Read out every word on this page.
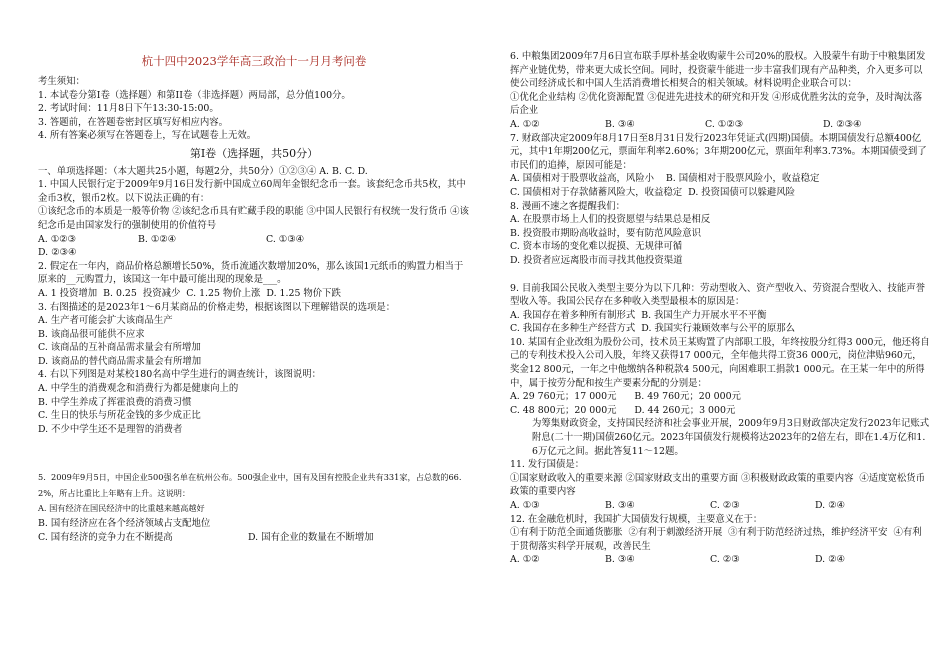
杭十四中2023学年高三政治十一月月考问卷

考生须知：

1. 本试卷分第Ⅰ卷（选择题）和第II卷（非选择题）两局部，总分值100分。

2. 考试时间：11月8日下午13:30-15:00。

3. 答题前，在答题卷密封区填写好相应内容。

4. 所有答案必须写在答题卷上，写在试题卷上无效。

第Ⅰ卷（选择题，共50分）

一、单项选择题：（本大题共25小题，每题2分，共50分）①②③④ A. B. C. D.

1. 中国人民银行定于2009年9月16日发行新中国成立60周年金银纪念币一套。该套纪念币共5枚，其中金币3枚，银币2枚。以下说法正确的有：

①该纪念币的本质是一般等价物 ②该纪念币具有贮藏手段的职能 ③中国人民银行有权统一发行货币 ④该纪念币是由国家发行的强制使用的价值符号

A. ①②③	B. ①②④	C. ①③④

D. ②③④

2. 假定在一年内，商品价格总额增长50%，货币流通次数增加20%，那么该国1元纸币的购置力相当于原来的__元购置力，该国这一年中最可能出现的现象是___。

A. 1 投资增加  B. 0.25  投资减少  C. 1.25 物价上涨  D. 1.25 物价下跌

3. 右图描述的是2023年1～6月某商品的价格走势，根据该图以下理解错误的选项是：

A. 生产者可能会扩大该商品生产

B. 该商品很可能供不应求

C. 该商品的互补商品需求量会有所增加

D. 该商品的替代商品需求量会有所增加

4. 右以下列图是对某校180名高中学生进行的调查统计，该图说明：

A. 中学生的消费观念和消费行为都是健康向上的

B. 中学生养成了挥霍浪费的消费习惯

C. 生日的快乐与所花金钱的多少成正比

D. 不少中学生还不是理智的消费者

5.  2009年9月5日，中国企业500强名单在杭州公布。500强企业中，国有及国有控股企业共有331家，占总数的66.2%，所占比重比上年略有上升。这说明：

A. 国有经济在国民经济中的比重越来越高越好

B. 国有经济应在各个经济领域占支配地位

C. 国有经济的竞争力在不断提高	D. 国有企业的数量在不断增加

6. 中粮集团2009年7月6日宣布联手厚朴基金收购蒙牛公司20%的股权。入股蒙牛有助于中粮集团发挥产业链优势，带来更大成长空间。同时，投资蒙牛能进一步丰富我们现有产品种类，介入更多可以使公司经济成长和中国人生活消费增长相契合的相关领域。材料说明企业联合可以：

①优化企业结构 ②优化资源配置 ③促进先进技术的研究和开发 ④形成优胜劣汰的竞争，及时淘汰落后企业

A. ①②	B. ③④	C. ①②③	D. ②③④

7. 财政部决定2009年8月17日至8月31日发行2023年凭证式(四期)国债。本期国债发行总额400亿元，其中1年期200亿元，票面年利率2.60%；3年期200亿元，票面年利率3.73%。本期国债受到了市民们的追捧，原因可能是：

A. 国债相对于股票收益高，风险小    B. 国债相对于股票风险小，收益稳定

C. 国债相对于存款储蓄风险大，收益稳定  D. 投资国债可以躲避风险

8. 漫画不速之客提醒我们：

A. 在股票市场上人们的投资愿望与结果总是相反

B. 投资股市期盼高收益时，要有防范风险意识

C. 资本市场的变化难以捉摸、无规律可循

D. 投资者应远离股市而寻找其他投资渠道

9. 目前我国公民收入类型主要分为以下几种：劳动型收入、资产型收入、劳资混合型收入、技能声誉型收入等。我国公民存在多种收入类型最根本的原因是：

A. 我国存在着多种所有制形式  B. 我国生产力开展水平不平衡

C. 我国存在多种生产经营方式  D. 我国实行兼顾效率与公平的原那么

10. 某国有企业改组为股份公司，技术员王某购置了内部职工股，年终按股分红得3 000元，他还将自己的专利技术投入公司入股，年终又获得17 000元，全年他共得工资36 000元，岗位津贴960元，奖金12 800元，一年之中他缴纳各种税款4 500元，向困难职工捐款1 000元。在王某一年中的所得中，属于按劳分配和按生产要素分配的分别是：

A. 29 760元；17 000元      B. 49 760元；20 000元

C. 48 800元；20 000元      D. 44 260元；3 000元

为筹集财政资金，支持国民经济和社会事业开展，2009年9月3日财政部决定发行2023年记账式附息(二十一期)国债260亿元。2023年国债发行规模将达2023年的2倍左右，即在1.4万亿和1.6万亿元之间。据此答复11～12题。

11. 发行国债是：

①国家财政收入的重要来源 ②国家财政支出的重要方面 ③积极财政政策的重要内容  ④适度宽松货币政策的重要内容

A. ①③	B. ③④	C. ②③	D. ②④

12. 在金融危机时，我国扩大国债发行规模，主要意义在于：

①有利于防范全面通货膨胀  ②有利于刺激经济开展  ③有利于防范经济过热，维护经济平安  ④有利于贯彻落实科学开展观，改善民生

A. ①②	B. ③④	C. ②③	D. ②④
